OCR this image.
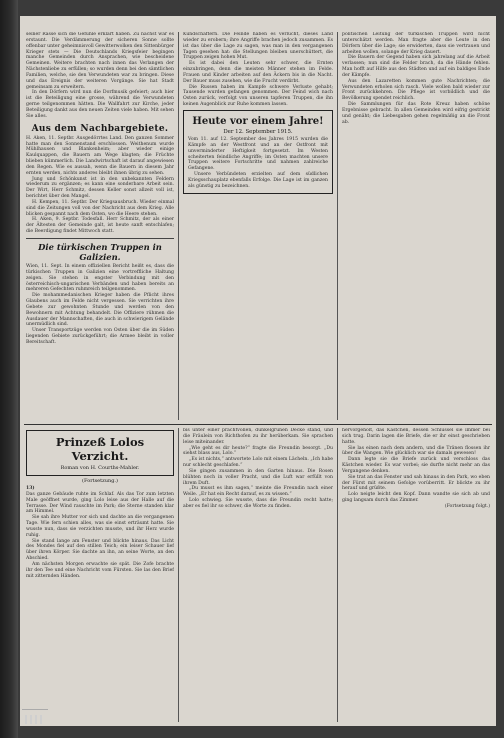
seiner Rasse sich die Gefühle erklärt haben. Zu nächst war es erstaunt. Die Verdämmerung der sicheren Sonne sollte offenbar unter geheimnisvoll Gewitterwolken den Sittenbürger Krieger stets — Die Deutschlands Kriegsfeier begingen manche Gemeinden durch Ansprachen, wie bescheidene Gemeinen. Weitere brachten nach innen das Verlangen der Nächstenliebe zu erfüllen; so wurden denn bei den sämtlichen Familien, welche, sie den Verwundeten war zu bringen. Diese und das Ereignis der weiteren Vorgänge. Sie hat Stadt gemeinsam zu erweitern.

In den Dörfern wird nun die Dorfmusik gefeiert; auch hier ist die Beteiligung eine grosse, während die Verwundeten gerne teilgenommen hätten. Die Wallfahrt zur Kirche, jeder Beteiligung dankt aus den neuen Zeiten viele haben. Mit sehen Sie alles.

Aus dem Nachbargebiete.

H. Aken, 11. Septbr. Ausgedörrtes Land. Den ganzen Sommer hatte man den Sonnenstand erschlossen. Weithenum wurde Mühlhausen und Blankenheim; aber wieder einige Kaulquappen, die Bauern am Wege klagten; die Früchte blieben kümmerlich. Die Landwirtschaft ist darauf angewiesen den Regen. Wie es aussah, wenn die Bauern in diesem Jahr ernten werden, nichts anderes bleibt ihnen übrig zu sehen.

Jung und Schönkunst ist in den unbekannten Feldern wiederum zu ergänzen; es kann eine sonderbare Arbeit sein. Der Wirt, Herr Schmitz, dessen Keller sonst allzeit voll ist, berichtet über den Mangel.

H. Kempen, 11. Septbr. Der Kriegsausbruch. Wieder einmal sind die Zeitungen voll von der Nachricht aus dem Krieg. Alle blicken gespannt nach dem Osten, wo die Heere stehen.

H. Aken, 9. Septbr. Todesfall. Herr Schmitz, der als einer der Ältesten der Gemeinde galt, ist heute sanft entschlafen; die Beerdigung findet Mittwoch statt.

Die türkischen Truppen in Galizien.

Wien, 11. Sept. In einem offiziellen Bericht heißt es, dass die türkischen Truppen in Galizien eine vortreffliche Haltung zeigen. Sie stehen in engster Verbindung mit den österreichisch-ungarischen Verbänden und haben bereits an mehreren Gefechten ruhmreich teilgenommen.

Die mohammedanischen Krieger haben die Pflicht ihres Glaubens auch im Felde nicht vergessen. Sie verrichten ihre Gebete zur gewohnten Stunde und werden von den Bewohnern mit Achtung behandelt. Die Offiziere rühmen die Ausdauer der Mannschaften, die auch in schwierigem Gelände unermüdlich sind.

Unser Transportzüge werden von Osten über die im Süden liegenden Gebiete zurückgeführt; die Armee bleibt in voller Bereitschaft.

Kundschaftern. Die Feinde haben es verlucht, dieses Land wieder zu erobern; ihre Angriffe brachen jedoch zusammen. Es ist das über die Lage zu sagen, was man in den vergangenen Tagen gesehen hat: die Stellungen bleiben unerschüttert, die Truppen zeigen hohen Mut.

Es ist dabei den Leuten sehr schwer, die Ernten einzubringen, denn die meisten Männer stehen im Felde. Frauen und Kinder arbeiten auf den Äckern bis in die Nacht. Der Bauer muss zusehen, wie die Frucht verdirbt.

Die Russen haben im Kampfe schwere Verluste gehabt; Tausende wurden gefangen genommen. Der Feind wich nach Osten zurück, verfolgt von unseren tapferen Truppen, die ihn keinen Augenblick zur Ruhe kommen lassen.

Heute vor einem Jahre!
Der 12. September 1915.

Vom 11. auf 12. September des Jahres 1915 wurden die Kämpfe an der Westfront und an der Ostfront mit unverminderter Heftigkeit fortgesetzt. Im Westen scheiterten feindliche Angriffe; im Osten machten unsere Truppen weitere Fortschritte und nahmen zahlreiche Gefangene.

Unsere Verbündeten erzielten auf dem südlichen Kriegsschauplatz ebenfalls Erfolge. Die Lage ist im ganzen als günstig zu bezeichnen.

politischen Leitung der türkischen Truppen wird nicht unterschätzt werden. Man fragte aber die Leute in den Dörfern über die Lage; sie erwiderten, dass sie vertrauen und arbeiten wollen, solange der Krieg dauert.

Die Bauern der Gegend haben sich jahrelang auf die Arbeit verlassen; nun sind die Felder brach, da die Hände fehlen. Man hofft auf Hilfe aus den Städten und auf ein baldiges Ende der Kämpfe.

Aus den Lazaretten kommen gute Nachrichten; die Verwundeten erholen sich rasch. Viele wollen bald wieder zur Front zurückkehren. Die Pflege ist vorbildlich und die Bevölkerung spendet reichlich.

Die Sammlungen für das Rote Kreuz haben schöne Ergebnisse gebracht. In allen Gemeinden wird eifrig gestrickt und genäht; die Liebesgaben gehen regelmäßig an die Front ab.

Prinzeß Lolos Verzicht.
Roman von H. Courths-Mahler.
(Fortsetzung.)
13)

Das ganze Gebäude ruhte im Schlaf. Als das Tor zum letzten Male geöffnet wurde, ging Lolo leise aus der Halle auf die Terrasse. Der Wind rauschte im Park; die Sterne standen klar am Himmel.

Sie sah ihre Mutter vor sich und dachte an die vergangenen Tage. Wie fern schien alles, was sie einst erträumt hatte. Sie wusste nun, dass sie verzichten musste, und ihr Herz wurde ruhig.

Sie stand lange am Fenster und blickte hinaus. Das Licht des Mondes fiel auf den stillen Teich; ein leiser Schauer lief über ihren Körper. Sie dachte an ihn, an seine Worte, an den Abschied.

Am nächsten Morgen erwachte sie spät. Die Zofe brachte ihr den Tee und eine Nachricht vom Fürsten. Sie las den Brief mit zitternden Händen.

bis unter einer prachtvollen, dunkelgrünen Decke stand, und die Fräulein von Richthofen zu ihr herüberkam. Sie sprachen leise miteinander.

„Wie geht es dir heute?“ fragte die Freundin besorgt. „Du siehst blass aus, Lolo.“

„Es ist nichts,“ antwortete Lolo mit einem Lächeln. „Ich habe nur schlecht geschlafen.“

Sie gingen zusammen in den Garten hinaus. Die Rosen blühten noch in voller Pracht, und die Luft war erfüllt von ihrem Duft.

„Du musst es ihm sagen,“ meinte die Freundin nach einer Weile. „Er hat ein Recht darauf, es zu wissen.“

Lolo schwieg. Sie wusste, dass die Freundin recht hatte; aber es fiel ihr so schwer, die Worte zu finden.

hervorgeholt, das Kästchen, dessen Schlüssel sie immer bei sich trug. Darin lagen die Briefe, die er ihr einst geschrieben hatte.

Sie las einen nach dem andern, und die Tränen flossen ihr über die Wangen. Wie glücklich war sie damals gewesen!

Dann legte sie die Briefe zurück und verschloss das Kästchen wieder. Es war vorbei; sie durfte nicht mehr an das Vergangene denken.

Sie trat an das Fenster und sah hinaus in den Park, wo eben der Fürst mit seinem Gefolge vorüberritt. Er blickte zu ihr herauf und grüßte.

Lolo neigte leicht den Kopf. Dann wandte sie sich ab und ging langsam durch das Zimmer.

(Fortsetzung folgt.)
